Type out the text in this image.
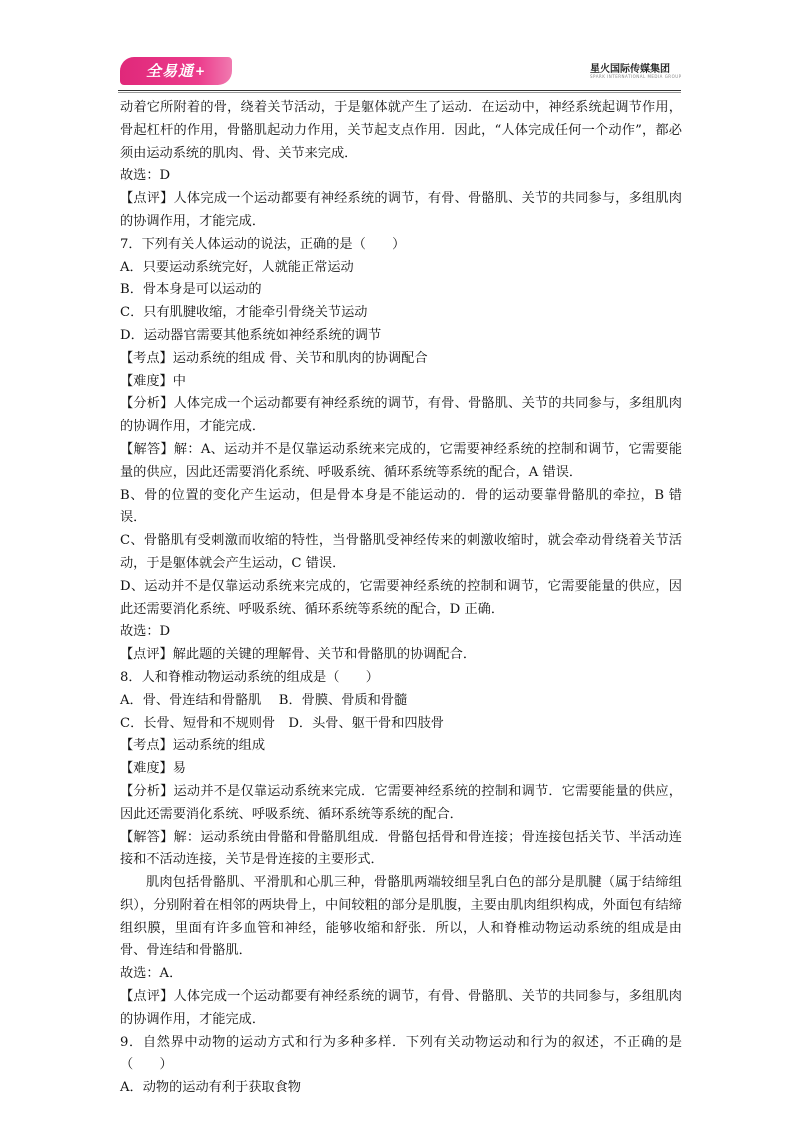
全易通+	星火国际传媒集团
SPARK INTERNATIONAL MEDIA GROUP

动着它所附着的骨，绕着关节活动，于是躯体就产生了运动．在运动中，神经系统起调节作用，骨起杠杆的作用，骨骼肌起动力作用，关节起支点作用．因此，“人体完成任何一个动作”，都必须由运动系统的肌肉、骨、关节来完成．

故选：D

【点评】人体完成一个运动都要有神经系统的调节，有骨、骨骼肌、关节的共同参与，多组肌肉的协调作用，才能完成．

7．下列有关人体运动的说法，正确的是（　　）

A．只要运动系统完好，人就能正常运动

B．骨本身是可以运动的

C．只有肌腱收缩，才能牵引骨绕关节运动

D．运动器官需要其他系统如神经系统的调节

【考点】运动系统的组成 骨、关节和肌肉的协调配合

【难度】中

【分析】人体完成一个运动都要有神经系统的调节，有骨、骨骼肌、关节的共同参与，多组肌肉的协调作用，才能完成．

【解答】解：A、运动并不是仅靠运动系统来完成的，它需要神经系统的控制和调节，它需要能量的供应，因此还需要消化系统、呼吸系统、循环系统等系统的配合，A 错误．

B、骨的位置的变化产生运动，但是骨本身是不能运动的．骨的运动要靠骨骼肌的牵拉，B 错误．

C、骨骼肌有受刺激而收缩的特性，当骨骼肌受神经传来的刺激收缩时，就会牵动骨绕着关节活动，于是躯体就会产生运动，C 错误．

D、运动并不是仅靠运动系统来完成的，它需要神经系统的控制和调节，它需要能量的供应，因此还需要消化系统、呼吸系统、循环系统等系统的配合，D 正确．

故选：D

【点评】解此题的关键的理解骨、关节和骨骼肌的协调配合．

8．人和脊椎动物运动系统的组成是（　　）

A．骨、骨连结和骨骼肌　 B．骨膜、骨质和骨髓

C．长骨、短骨和不规则骨　D．头骨、躯干骨和四肢骨

【考点】运动系统的组成

【难度】易

【分析】运动并不是仅靠运动系统来完成．它需要神经系统的控制和调节．它需要能量的供应，因此还需要消化系统、呼吸系统、循环系统等系统的配合．

【解答】解：运动系统由骨骼和骨骼肌组成．骨骼包括骨和骨连接；骨连接包括关节、半活动连接和不活动连接，关节是骨连接的主要形式．

肌肉包括骨骼肌、平滑肌和心肌三种，骨骼肌两端较细呈乳白色的部分是肌腱（属于结缔组织），分别附着在相邻的两块骨上，中间较粗的部分是肌腹，主要由肌肉组织构成，外面包有结缔组织膜，里面有许多血管和神经，能够收缩和舒张．所以，人和脊椎动物运动系统的组成是由骨、骨连结和骨骼肌．

故选：A．

【点评】人体完成一个运动都要有神经系统的调节，有骨、骨骼肌、关节的共同参与，多组肌肉的协调作用，才能完成．

9．自然界中动物的运动方式和行为多种多样．下列有关动物运动和行为的叙述，不正确的是（　　）

A．动物的运动有利于获取食物
